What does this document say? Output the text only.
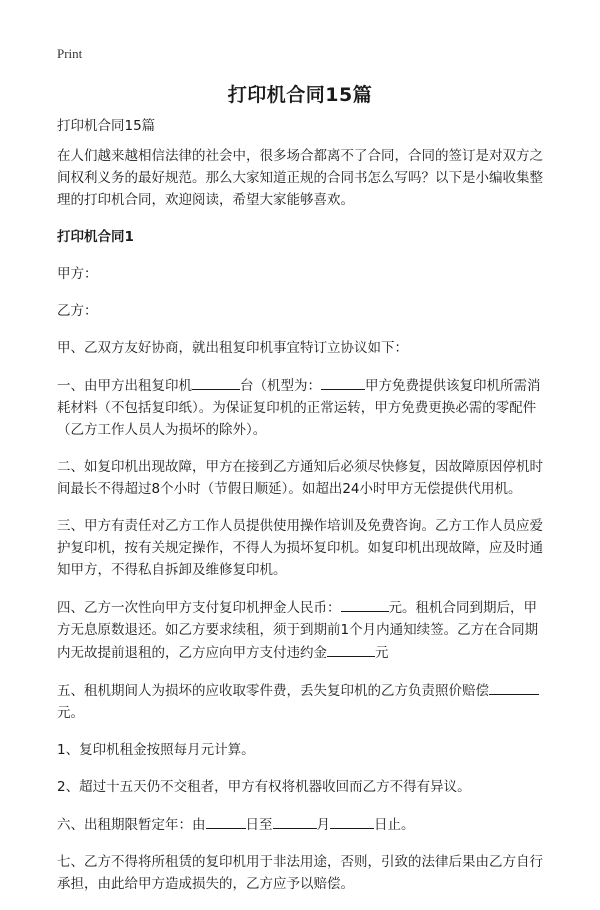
Print
打印机合同15篇

打印机合同15篇

在人们越来越相信法律的社会中，很多场合都离不了合同，合同的签订是对双方之间权利义务的最好规范。那么大家知道正规的合同书怎么写吗？以下是小编收集整理的打印机合同，欢迎阅读，希望大家能够喜欢。

打印机合同1

甲方：

乙方：

甲、乙双方友好协商，就出租复印机事宜特订立协议如下：

一、由甲方出租复印机	台（机型为：	甲方免费提供该复印机所需消耗材料（不包括复印纸）。为保证复印机的正常运转，甲方免费更换必需的零配件（乙方工作人员人为损坏的除外）。

二、如复印机出现故障，甲方在接到乙方通知后必须尽快修复，因故障原因停机时间最长不得超过8个小时（节假日顺延）。如超出24小时甲方无偿提供代用机。

三、甲方有责任对乙方工作人员提供使用操作培训及免费咨询。乙方工作人员应爱护复印机，按有关规定操作，不得人为损坏复印机。如复印机出现故障，应及时通知甲方，不得私自拆卸及维修复印机。

四、乙方一次性向甲方支付复印机押金人民币：	元。租机合同到期后，甲方无息原数退还。如乙方要求续租，须于到期前1个月内通知续签。乙方在合同期内无故提前退租的，乙方应向甲方支付违约金	元

五、租机期间人为损坏的应收取零件费，丢失复印机的乙方负责照价赔偿元。

1、复印机租金按照每月元计算。

2、超过十五天仍不交租者，甲方有权将机器收回而乙方不得有异议。

六、出租期限暂定年：由	日至	月	日止。

七、乙方不得将所租赁的复印机用于非法用途，否则，引致的法律后果由乙方自行承担，由此给甲方造成损失的，乙方应予以赔偿。
